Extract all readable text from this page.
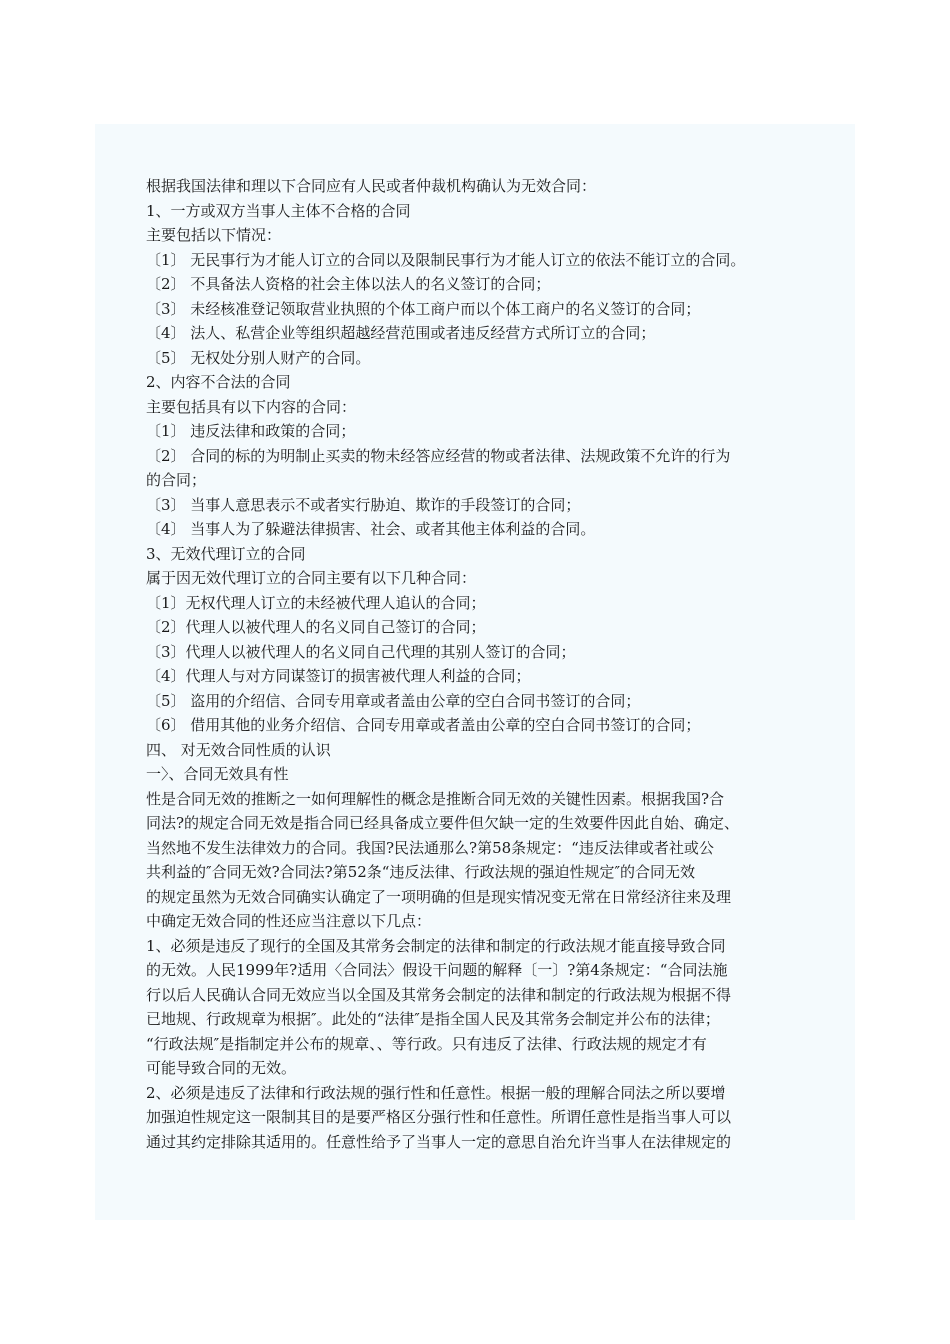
根据我国法律和理以下合同应有人民或者仲裁机构确认为无效合同：
1、一方或双方当事人主体不合格的合同
主要包括以下情况：
〔1〕 无民事行为才能人订立的合同以及限制民事行为才能人订立的依法不能订立的合同。
〔2〕 不具备法人资格的社会主体以法人的名义签订的合同；
〔3〕 未经核准登记领取营业执照的个体工商户而以个体工商户的名义签订的合同；
〔4〕 法人、私营企业等组织超越经营范围或者违反经营方式所订立的合同；
〔5〕 无权处分别人财产的合同。
2、内容不合法的合同
主要包括具有以下内容的合同：
〔1〕 违反法律和政策的合同；
〔2〕 合同的标的为明制止买卖的物未经答应经营的物或者法律、法规政策不允许的行为
的合同；
〔3〕 当事人意思表示不或者实行胁迫、欺诈的手段签订的合同；
〔4〕 当事人为了躲避法律损害、社会、或者其他主体利益的合同。
3、无效代理订立的合同
属于因无效代理订立的合同主要有以下几种合同：
〔1〕无权代理人订立的未经被代理人追认的合同；
〔2〕代理人以被代理人的名义同自己签订的合同；
〔3〕代理人以被代理人的名义同自己代理的其别人签订的合同；
〔4〕代理人与对方同谋签订的损害被代理人利益的合同；
〔5〕 盗用的介绍信、合同专用章或者盖由公章的空白合同书签订的合同；
〔6〕 借用其他的业务介绍信、合同专用章或者盖由公章的空白合同书签订的合同；
四、 对无效合同性质的认识
一〉、合同无效具有性
性是合同无效的推断之一如何理解性的概念是推断合同无效的关键性因素。根据我国?合
同法?的规定合同无效是指合同已经具备成立要件但欠缺一定的生效要件因此自始、确定、
当然地不发生法律效力的合同。我国?民法通那么?第58条规定：“违反法律或者社或公
共利益的″合同无效?合同法?第52条“违反法律、行政法规的强迫性规定″的合同无效
的规定虽然为无效合同确实认确定了一项明确的但是现实情况变无常在日常经济往来及理
中确定无效合同的性还应当注意以下几点：
1、必须是违反了现行的全国及其常务会制定的法律和制定的行政法规才能直接导致合同
的无效。人民1999年?适用〈合同法〉假设干问题的解释〔一〕?第4条规定：“合同法施
行以后人民确认合同无效应当以全国及其常务会制定的法律和制定的行政法规为根据不得
已地规、行政规章为根据″。此处的“法律″是指全国人民及其常务会制定并公布的法律；
“行政法规″是指制定并公布的规章、、等行政。只有违反了法律、行政法规的规定才有
可能导致合同的无效。
2、必须是违反了法律和行政法规的强行性和任意性。根据一般的理解合同法之所以要增
加强迫性规定这一限制其目的是要严格区分强行性和任意性。所谓任意性是指当事人可以
通过其约定排除其适用的。任意性给予了当事人一定的意思自治允许当事人在法律规定的
